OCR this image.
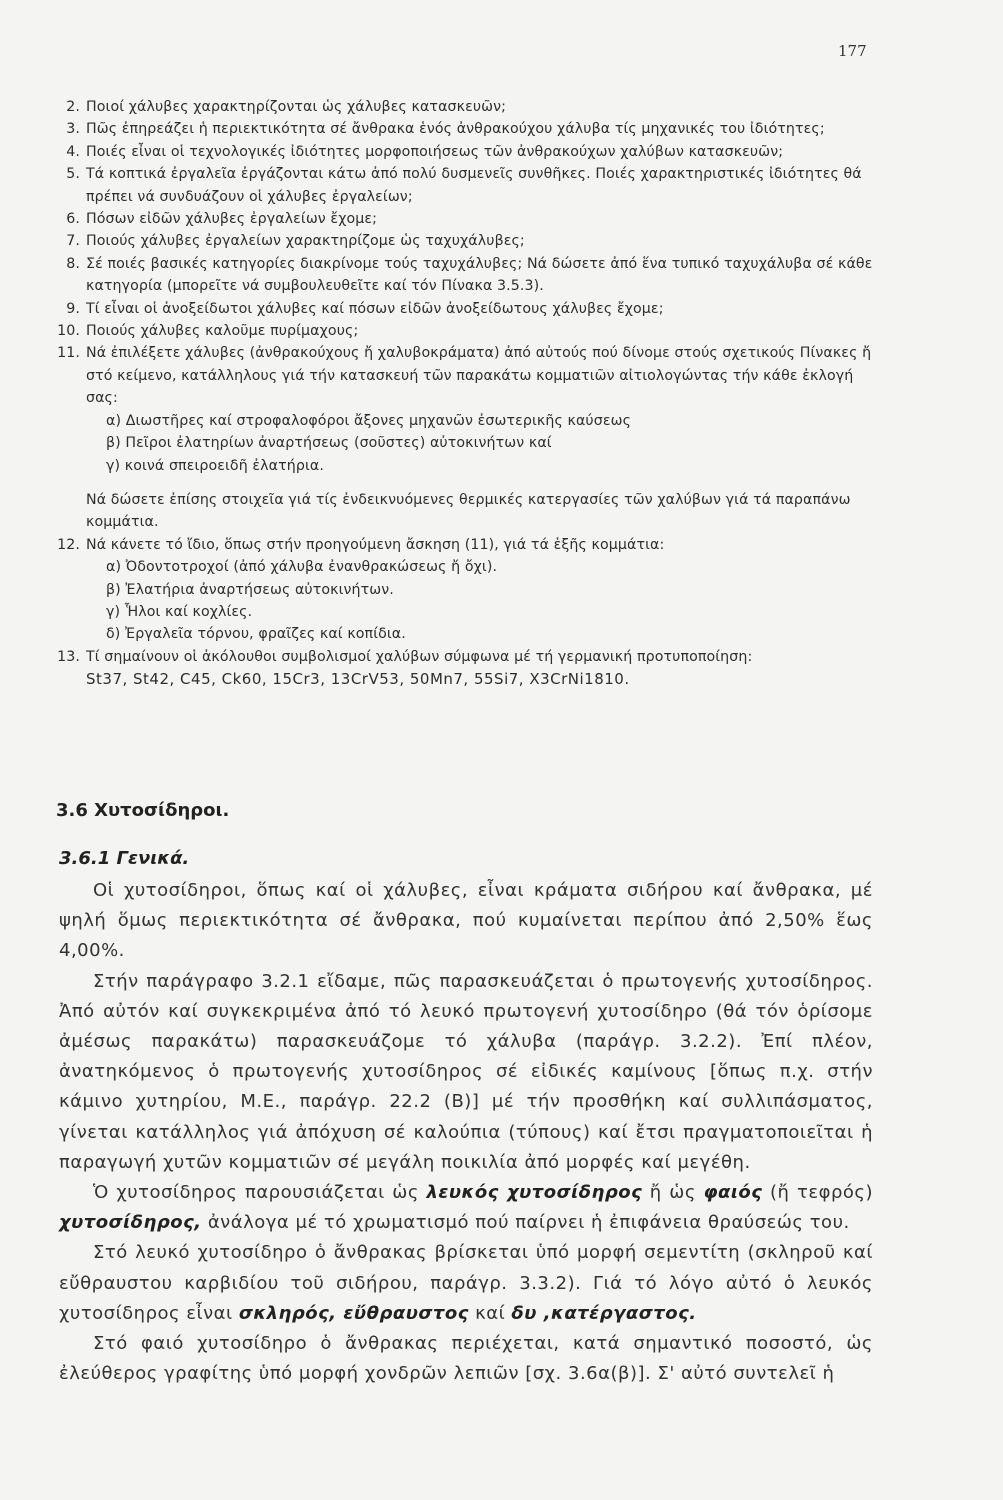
177
2. Ποιοί χάλυβες χαρακτηρίζονται ὡς χάλυβες κατασκευῶν;
3. Πῶς ἐπηρεάζει ἡ περιεκτικότητα σέ ἄνθρακα ἑνός ἀνθρακούχου χάλυβα τίς μηχανικές του ἰδιότητες;
4. Ποιές εἶναι οἱ τεχνολογικές ἰδιότητες μορφοποιήσεως τῶν ἀνθρακούχων χαλύβων κατασκευῶν;
5. Τά κοπτικά ἐργαλεῖα ἐργάζονται κάτω ἀπό πολύ δυσμενεῖς συνθῆκες. Ποιές χαρακτηριστικές ἰδιότητες θά πρέπει νά συνδυάζουν οἱ χάλυβες ἐργαλείων;
6. Πόσων εἰδῶν χάλυβες ἐργαλείων ἔχομε;
7. Ποιούς χάλυβες ἐργαλείων χαρακτηρίζομε ὡς ταχυχάλυβες;
8. Σέ ποιές βασικές κατηγορίες διακρίνομε τούς ταχυχάλυβες; Νά δώσετε ἀπό ἕνα τυπικό ταχυχάλυβα σέ κάθε κατηγορία (μπορεῖτε νά συμβουλευθεῖτε καί τόν Πίνακα 3.5.3).
9. Τί εἶναι οἱ ἀνοξείδωτοι χάλυβες καί πόσων εἰδῶν ἀνοξείδωτους χάλυβες ἔχομε;
10. Ποιούς χάλυβες καλοῦμε πυρίμαχους;
11. Νά ἐπιλέξετε χάλυβες (ἀνθρακούχους ἤ χαλυβοκράματα) ἀπό αὐτούς πού δίνομε στούς σχετικούς Πίνακες ἤ στό κείμενο, κατάλληλους γιά τήν κατασκευή τῶν παρακάτω κομματιῶν αἰτιολογώντας τήν κάθε ἐκλογή σας:
α) Διωστῆρες καί στροφαλοφόροι ἄξονες μηχανῶν ἐσωτερικῆς καύσεως
β) Πεῖροι ἐλατηρίων ἀναρτήσεως (σοῦστες) αὐτοκινήτων καί
γ) κοινά σπειροειδῆ ἐλατήρια.
Νά δώσετε ἐπίσης στοιχεῖα γιά τίς ἐνδεικνυόμενες θερμικές κατεργασίες τῶν χαλύβων γιά τά παραπάνω κομμάτια.
12. Νά κάνετε τό ἴδιο, ὅπως στήν προηγούμενη ἄσκηση (11), γιά τά ἑξῆς κομμάτια:
α) Ὀδοντοτροχοί (ἀπό χάλυβα ἐνανθρακώσεως ἤ ὄχι).
β) Ἐλατήρια ἀναρτήσεως αὐτοκινήτων.
γ) Ἧλοι καί κοχλίες.
δ) Ἐργαλεῖα τόρνου, φραῖζες καί κοπίδια.
13. Τί σημαίνουν οἱ ἀκόλουθοι συμβολισμοί χαλύβων σύμφωνα μέ τή γερμανική προτυποποίηση:
St37, St42, C45, Ck60, 15Cr3, 13CrV53, 50Mn7, 55Si7, X3CrNi1810.
3.6 Χυτοσίδηροι.
3.6.1 Γενικά.

Οἱ χυτοσίδηροι, ὅπως καί οἱ χάλυβες, εἶναι κράματα σιδήρου καί ἄνθρακα, μέ ψηλή ὅμως περιεκτικότητα σέ ἄνθρακα, πού κυμαίνεται περίπου ἀπό 2,50% ἕως 4,00%.

Στήν παράγραφο 3.2.1 εἴδαμε, πῶς παρασκευάζεται ὁ πρωτογενής χυτοσίδηρος. Ἀπό αὐτόν καί συγκεκριμένα ἀπό τό λευκό πρωτογενή χυτοσίδηρο (θά τόν ὁρίσομε ἀμέσως παρακάτω) παρασκευάζομε τό χάλυβα (παράγρ. 3.2.2). Ἐπί πλέον, ἀνατηκόμενος ὁ πρωτογενής χυτοσίδηρος σέ εἰδικές καμίνους [ὅπως π.χ. στήν κάμινο χυτηρίου, Μ.Ε., παράγρ. 22.2 (Β)] μέ τήν προσθήκη καί συλλιπάσματος, γίνεται κατάλληλος γιά ἀπόχυση σέ καλούπια (τύπους) καί ἔτσι πραγματοποιεῖται ἡ παραγωγή χυτῶν κομματιῶν σέ μεγάλη ποικιλία ἀπό μορφές καί μεγέθη.

Ὁ χυτοσίδηρος παρουσιάζεται ὡς λευκός χυτοσίδηρος ἤ ὡς φαιός (ἤ τεφρός) χυτοσίδηρος, ἀνάλογα μέ τό χρωματισμό πού παίρνει ἡ ἐπιφάνεια θραύσεώς του.

Στό λευκό χυτοσίδηρο ὁ ἄνθρακας βρίσκεται ὑπό μορφή σεμεντίτη (σκληροῦ καί εὔθραυστου καρβιδίου τοῦ σιδήρου, παράγρ. 3.3.2). Γιά τό λόγο αὐτό ὁ λευκός χυτοσίδηρος εἶναι σκληρός, εὔθραυστος καί δυ ,κατέργαστος.

Στό φαιό χυτοσίδηρο ὁ ἄνθρακας περιέχεται, κατά σημαντικό ποσοστό, ὡς ἐλεύθερος γραφίτης ὑπό μορφή χονδρῶν λεπιῶν [σχ. 3.6α(β)]. Σ' αὐτό συντελεῖ ἡ
